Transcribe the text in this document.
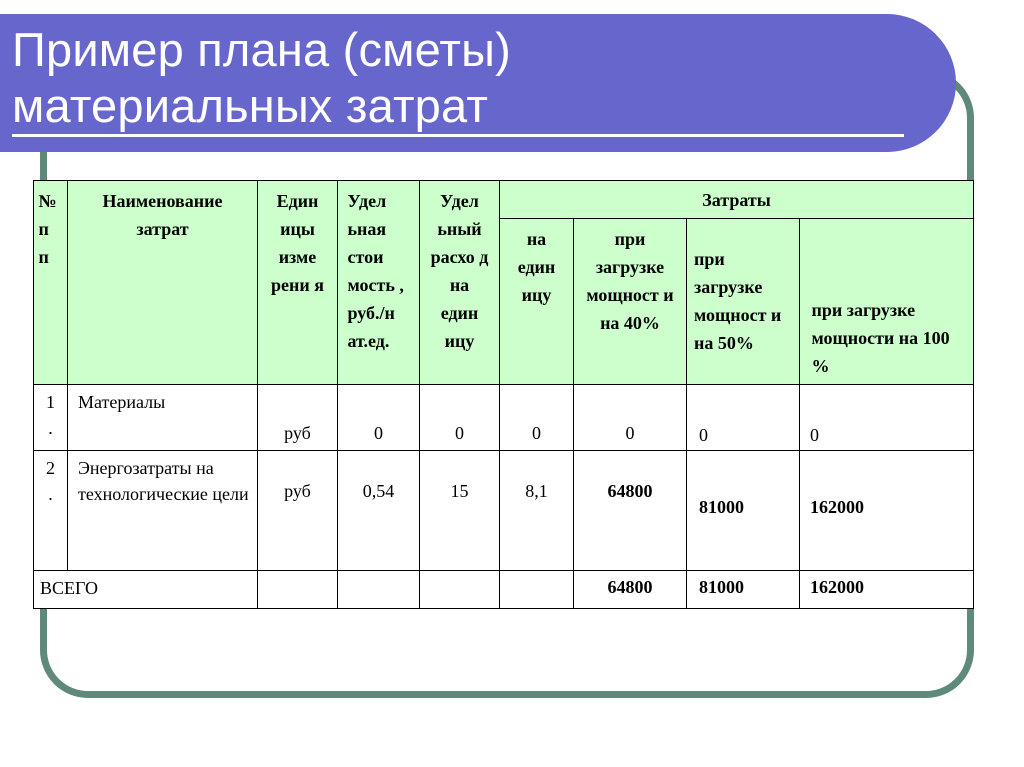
Пример плана (сметы)
материальных затрат
№ п п	Наименование затрат	Един ицы изме рени я	Удел ьная стои мость , руб./н ат.ед.	Удел ьный расхо д на един ицу	Затраты			

					на един ицу	при загрузке мощност и на 40%	при загрузке мощност и на 50%	при загрузке мощности на 100 %

1 .	Материалы	руб	0	0	0	0	0	0

2 .	Энергозатраты на технологические цели	руб	0,54	15	8,1	64800	81000	162000

ВСЕГО						64800	81000	162000
